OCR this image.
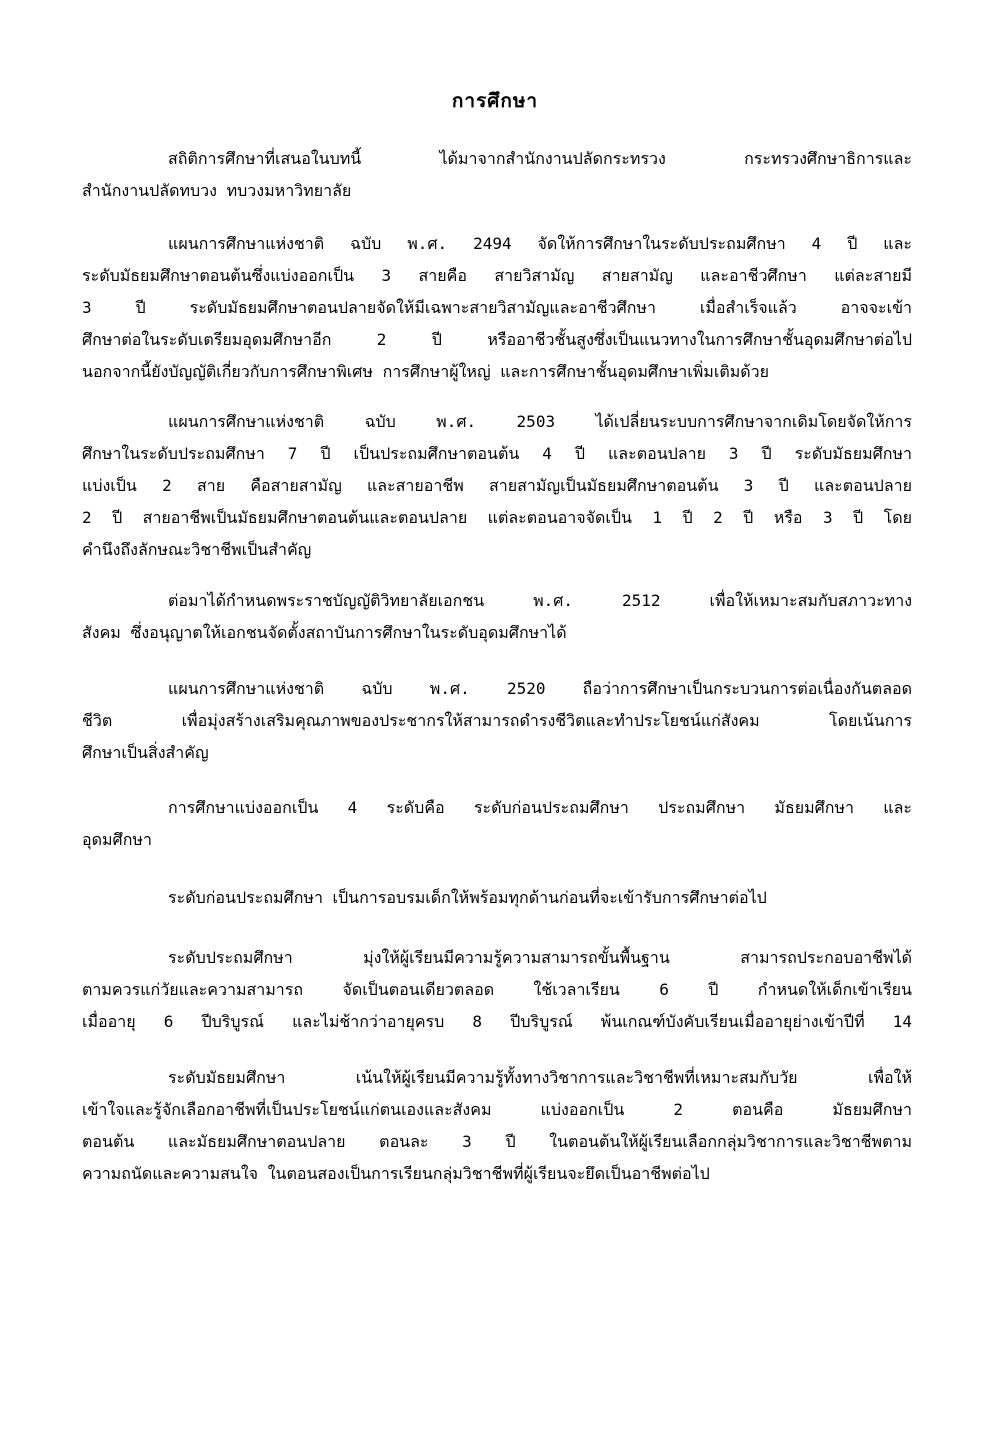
การศึกษา
สถิติการศึกษาที่เสนอในบทนี้ ได้มาจากสำนักงานปลัดกระทรวง กระทรวงศึกษาธิการและ
สำนักงานปลัดทบวง ทบวงมหาวิทยาลัย
แผนการศึกษาแห่งชาติ ฉบับ พ.ศ. 2494 จัดให้การศึกษาในระดับประถมศึกษา 4 ปี และ
ระดับมัธยมศึกษาตอนต้นซึ่งแบ่งออกเป็น 3 สายคือ สายวิสามัญ สายสามัญ และอาชีวศึกษา แต่ละสายมี
3 ปี ระดับมัธยมศึกษาตอนปลายจัดให้มีเฉพาะสายวิสามัญและอาชีวศึกษา เมื่อสำเร็จแล้ว อาจจะเข้า
ศึกษาต่อในระดับเตรียมอุดมศึกษาอีก 2 ปี หรืออาชีวชั้นสูงซึ่งเป็นแนวทางในการศึกษาชั้นอุดมศึกษาต่อไป
นอกจากนี้ยังบัญญัติเกี่ยวกับการศึกษาพิเศษ การศึกษาผู้ใหญ่ และการศึกษาชั้นอุดมศึกษาเพิ่มเติมด้วย
แผนการศึกษาแห่งชาติ ฉบับ พ.ศ. 2503 ได้เปลี่ยนระบบการศึกษาจากเดิมโดยจัดให้การ
ศึกษาในระดับประถมศึกษา 7 ปี เป็นประถมศึกษาตอนต้น 4 ปี และตอนปลาย 3 ปี ระดับมัธยมศึกษา
แบ่งเป็น 2 สาย คือสายสามัญ และสายอาชีพ สายสามัญเป็นมัธยมศึกษาตอนต้น 3 ปี และตอนปลาย
2 ปี สายอาชีพเป็นมัธยมศึกษาตอนต้นและตอนปลาย แต่ละตอนอาจจัดเป็น 1 ปี 2 ปี หรือ 3 ปี โดย
คำนึงถึงลักษณะวิชาชีพเป็นสำคัญ
ต่อมาได้กำหนดพระราชบัญญัติวิทยาลัยเอกชน พ.ศ. 2512 เพื่อให้เหมาะสมกับสภาวะทาง
สังคม ซึ่งอนุญาตให้เอกชนจัดตั้งสถาบันการศึกษาในระดับอุดมศึกษาได้
แผนการศึกษาแห่งชาติ ฉบับ พ.ศ. 2520 ถือว่าการศึกษาเป็นกระบวนการต่อเนื่องกันตลอด
ชีวิต เพื่อมุ่งสร้างเสริมคุณภาพของประชากรให้สามารถดำรงชีวิตและทำประโยชน์แก่สังคม โดยเน้นการ
ศึกษาเป็นสิ่งสำคัญ
การศึกษาแบ่งออกเป็น 4 ระดับคือ ระดับก่อนประถมศึกษา ประถมศึกษา มัธยมศึกษา และ
อุดมศึกษา
ระดับก่อนประถมศึกษา เป็นการอบรมเด็กให้พร้อมทุกด้านก่อนที่จะเข้ารับการศึกษาต่อไป
ระดับประถมศึกษา มุ่งให้ผู้เรียนมีความรู้ความสามารถขั้นพื้นฐาน สามารถประกอบอาชีพได้
ตามควรแก่วัยและความสามารถ จัดเป็นตอนเดียวตลอด ใช้เวลาเรียน 6 ปี กำหนดให้เด็กเข้าเรียน
เมื่ออายุ 6 ปีบริบูรณ์ และไม่ช้ากว่าอายุครบ 8 ปีบริบูรณ์ พ้นเกณฑ์บังคับเรียนเมื่ออายุย่างเข้าปีที่ 14
ระดับมัธยมศึกษา เน้นให้ผู้เรียนมีความรู้ทั้งทางวิชาการและวิชาชีพที่เหมาะสมกับวัย เพื่อให้
เข้าใจและรู้จักเลือกอาชีพที่เป็นประโยชน์แก่ตนเองและสังคม แบ่งออกเป็น 2 ตอนคือ มัธยมศึกษา
ตอนต้น และมัธยมศึกษาตอนปลาย ตอนละ 3 ปี ในตอนต้นให้ผู้เรียนเลือกกลุ่มวิชาการและวิชาชีพตาม
ความถนัดและความสนใจ ในตอนสองเป็นการเรียนกลุ่มวิชาชีพที่ผู้เรียนจะยึดเป็นอาชีพต่อไป
